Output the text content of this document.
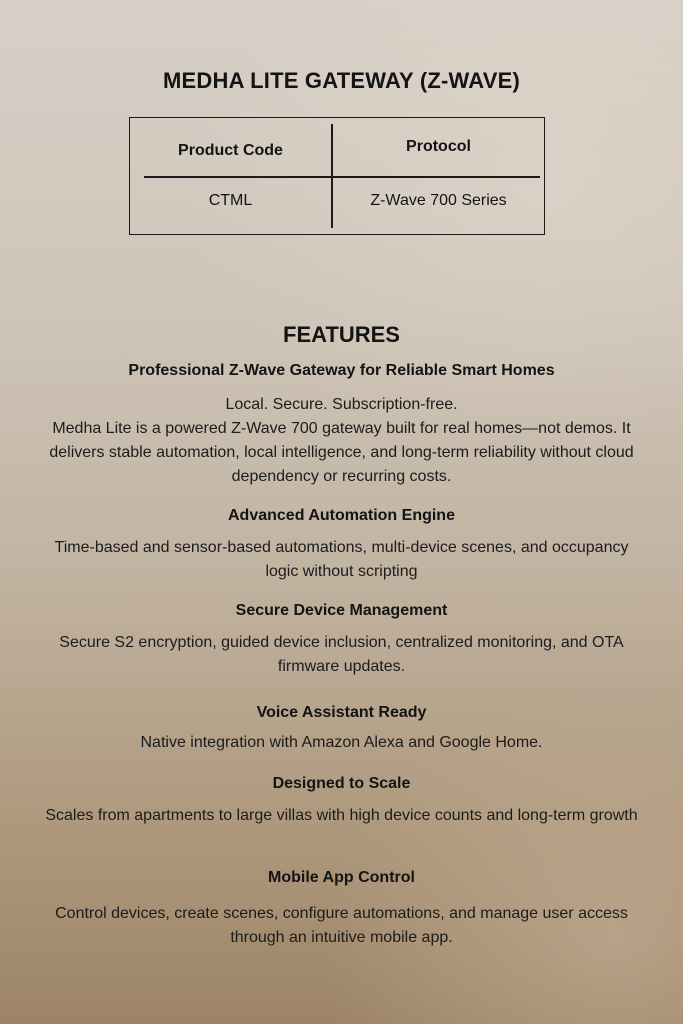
MEDHA LITE GATEWAY (Z-WAVE)
Product Code	Protocol
CTML	Z-Wave 700 Series
FEATURES
Professional Z-Wave Gateway for Reliable Smart Homes

Local. Secure. Subscription-free.

Medha Lite is a powered Z-Wave 700 gateway built for real homes—not demos. It delivers stable automation, local intelligence, and long-term reliability without cloud dependency or recurring costs.

Advanced Automation Engine

Time-based and sensor-based automations, multi-device scenes, and occupancy logic without scripting

Secure Device Management

Secure S2 encryption, guided device inclusion, centralized monitoring, and OTA firmware updates.

Voice Assistant Ready

Native integration with Amazon Alexa and Google Home.

Designed to Scale

Scales from apartments to large villas with high device counts and long-term growth

Mobile App Control

Control devices, create scenes, configure automations, and manage user access through an intuitive mobile app.
